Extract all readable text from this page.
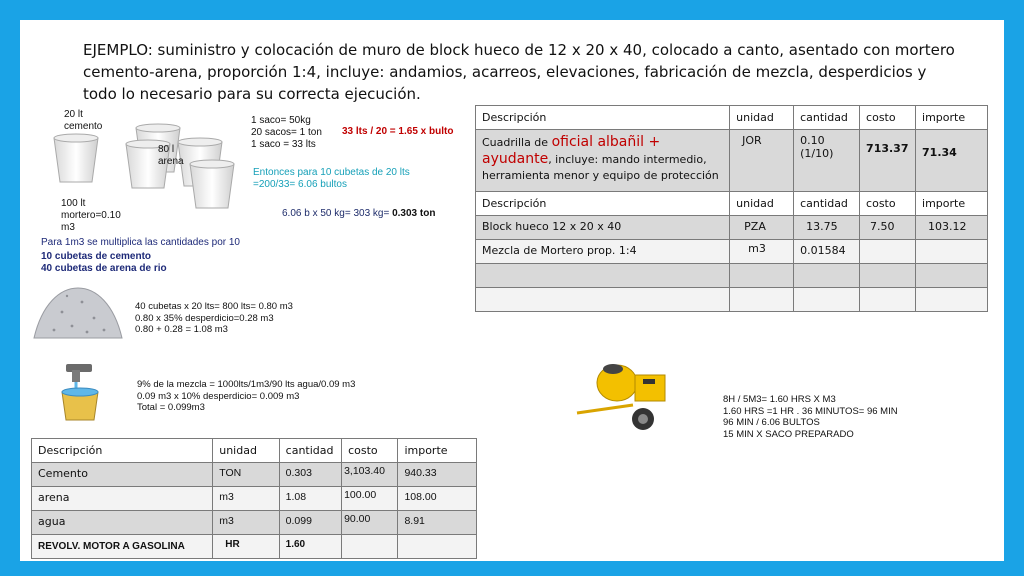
EJEMPLO: suministro y colocación de muro de block hueco de 12 x 20 x 40, colocado a canto, asentado con mortero cemento-arena, proporción 1:4, incluye: andamios, acarreos, elevaciones, fabricación de mezcla, desperdicios y todo lo necesario para su correcta ejecución.
20 lt
cemento
80 l
arena
100 lt
mortero=0.10
m3
1 saco= 50kg
20 sacos= 1 ton
1 saco = 33 lts
33 lts / 20 = 1.65 x bulto
Entonces para 10 cubetas de 20 lts
=200/33= 6.06 bultos
6.06 b x 50 kg= 303 kg= 0.303 ton
Para 1m3 se multiplica las cantidades por 10
10 cubetas de cemento
40 cubetas de arena de rio
40 cubetas x 20 lts= 800 lts= 0.80 m3
0.80 x 35% desperdicio=0.28 m3
0.80 + 0.28 = 1.08 m3
9% de la mezcla = 1000lts/1m3/90 lts agua/0.09 m3
0.09 m3 x 10% desperdicio= 0.009 m3
Total = 0.099m3
8H / 5M3= 1.60 HRS X M3
1.60 HRS =1 HR . 36 MINUTOS= 96 MIN
96 MIN / 6.06 BULTOS
15 MIN X SACO PREPARADO
Descripción	unidad	cantidad	costo	importe
Cuadrilla de oficial albañil + ayudante, incluye: mando intermedio, herramienta menor y equipo de protección	JOR	0.10
(1/10)	713.37	71.34
Descripción	unidad	cantidad	costo	importe
Block hueco 12 x 20 x 40	PZA	13.75	7.50	103.12
Mezcla de Mortero prop. 1:4	m3	0.01584		

Descripción	unidad	cantidad	costo	importe
Cemento	TON	0.303	3,103.40	940.33
arena	m3	1.08	100.00	108.00
agua	m3	0.099	90.00	8.91
REVOLV. MOTOR A GASOLINA	HR	1.60		
